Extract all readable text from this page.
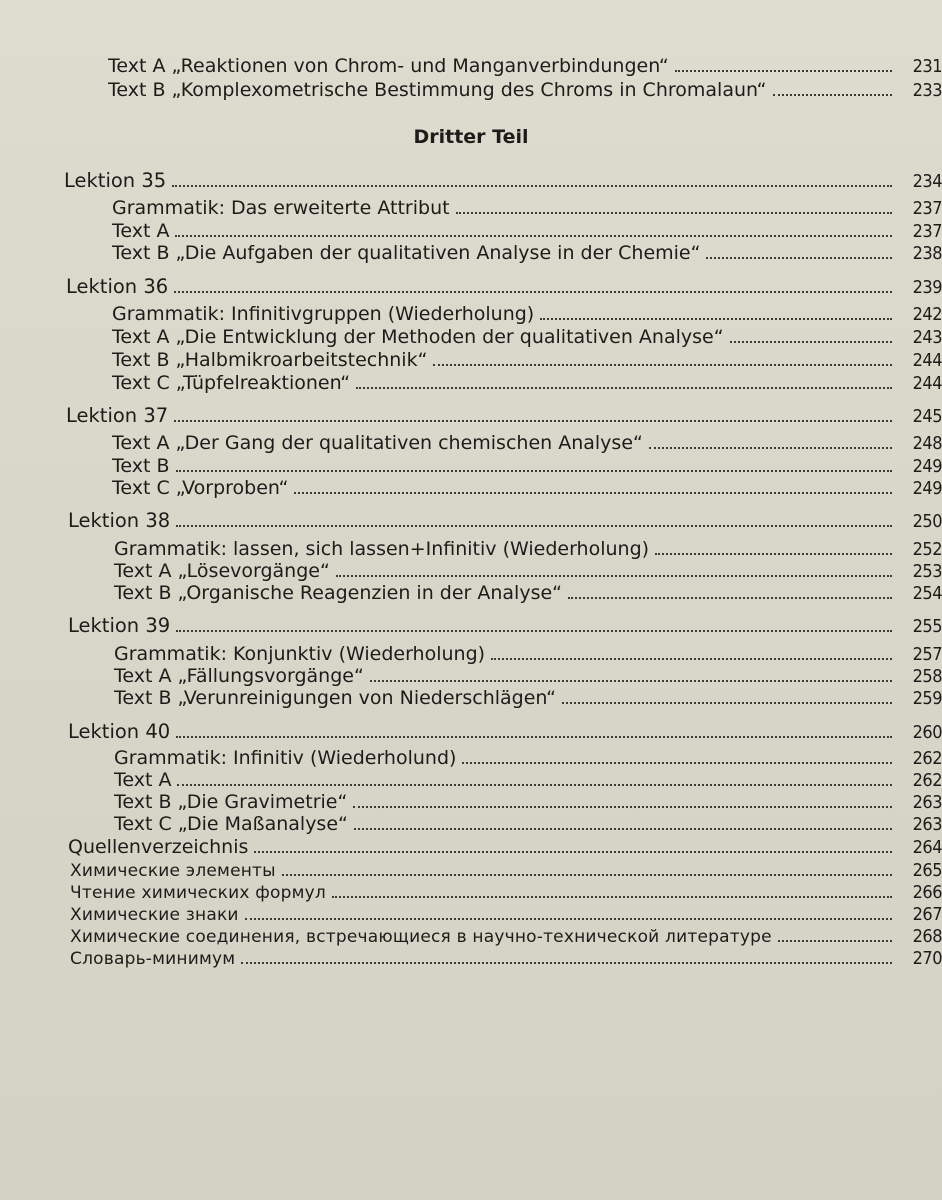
Dritter Teil
Text A „Reaktionen von Chrom- und Manganverbindungen“	231
Text B „Komplexometrische Bestimmung des Chroms in Chromalaun“	233
Lektion 35	234
Grammatik: Das erweiterte Attribut	237
Text A	237
Text B „Die Aufgaben der qualitativen Analyse in der Chemie“	238
Lektion 36	239
Grammatik: Infinitivgruppen (Wiederholung)	242
Text A „Die Entwicklung der Methoden der qualitativen Analyse“	243
Text B „Halbmikroarbeitstechnik“	244
Text C „Tüpfelreaktionen“	244
Lektion 37	245
Text A „Der Gang der qualitativen chemischen Analyse“	248
Text B	249
Text C „Vorproben“	249
Lektion 38	250
Grammatik: lassen, sich lassen+Infinitiv (Wiederholung)	252
Text A „Lösevorgänge“	253
Text B „Organische Reagenzien in der Analyse“	254
Lektion 39	255
Grammatik: Konjunktiv (Wiederholung)	257
Text A „Fällungsvorgänge“	258
Text B „Verunreinigungen von Niederschlägen“	259
Lektion 40	260
Grammatik: Infinitiv (Wiederholund)	262
Text A	262
Text B „Die Gravimetrie“	263
Text C „Die Maßanalyse“	263
Quellenverzeichnis	264
Химические элементы	265
Чтение химических формул	266
Химические знаки	267
Химические соединения, встречающиеся в научно-технической литературе	268
Словарь-минимум	270
